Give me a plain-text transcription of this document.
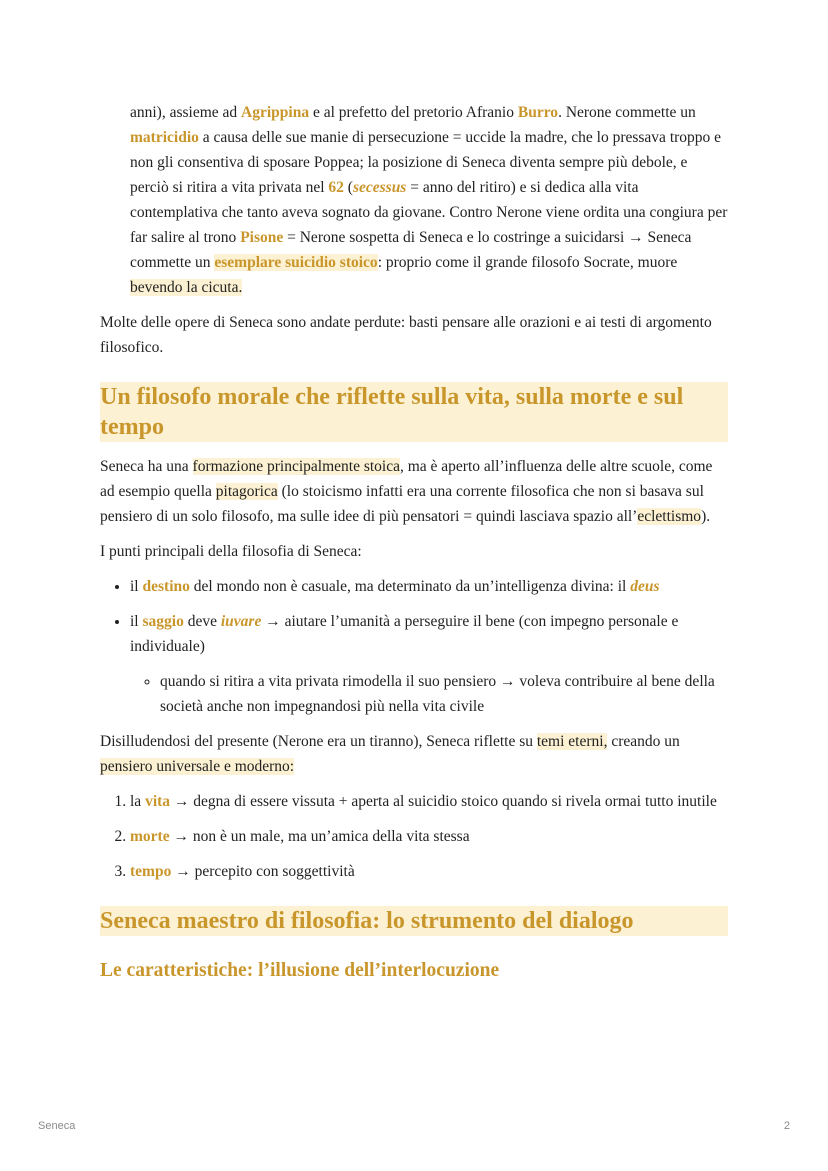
anni), assieme ad Agrippina e al prefetto del pretorio Afranio Burro. Nerone commette un matricidio a causa delle sue manie di persecuzione = uccide la madre, che lo pressava troppo e non gli consentiva di sposare Poppea; la posizione di Seneca diventa sempre più debole, e perciò si ritira a vita privata nel 62 (secessus = anno del ritiro) e si dedica alla vita contemplativa che tanto aveva sognato da giovane. Contro Nerone viene ordita una congiura per far salire al trono Pisone = Nerone sospetta di Seneca e lo costringe a suicidarsi → Seneca commette un esemplare suicidio stoico: proprio come il grande filosofo Socrate, muore bevendo la cicuta.

Molte delle opere di Seneca sono andate perdute: basti pensare alle orazioni e ai testi di argomento filosofico.

Un filosofo morale che riflette sulla vita, sulla morte e sul tempo

Seneca ha una formazione principalmente stoica, ma è aperto all’influenza delle altre scuole, come ad esempio quella pitagorica (lo stoicismo infatti era una corrente filosofica che non si basava sul pensiero di un solo filosofo, ma sulle idee di più pensatori = quindi lasciava spazio all’eclettismo).

I punti principali della filosofia di Seneca:

• il destino del mondo non è casuale, ma determinato da un’intelligenza divina: il deus
• il saggio deve iuvare → aiutare l’umanità a perseguire il bene (con impegno personale e individuale)
◦ quando si ritira a vita privata rimodella il suo pensiero → voleva contribuire al bene della società anche non impegnandosi più nella vita civile

Disilludendosi del presente (Nerone era un tiranno), Seneca riflette su temi eterni, creando un pensiero universale e moderno:

1. la vita → degna di essere vissuta + aperta al suicidio stoico quando si rivela ormai tutto inutile
2. morte → non è un male, ma un’amica della vita stessa
3. tempo → percepito con soggettività
Seneca maestro di filosofia: lo strumento del dialogo
Le caratteristiche: l’illusione dell’interlocuzione
Seneca	2
